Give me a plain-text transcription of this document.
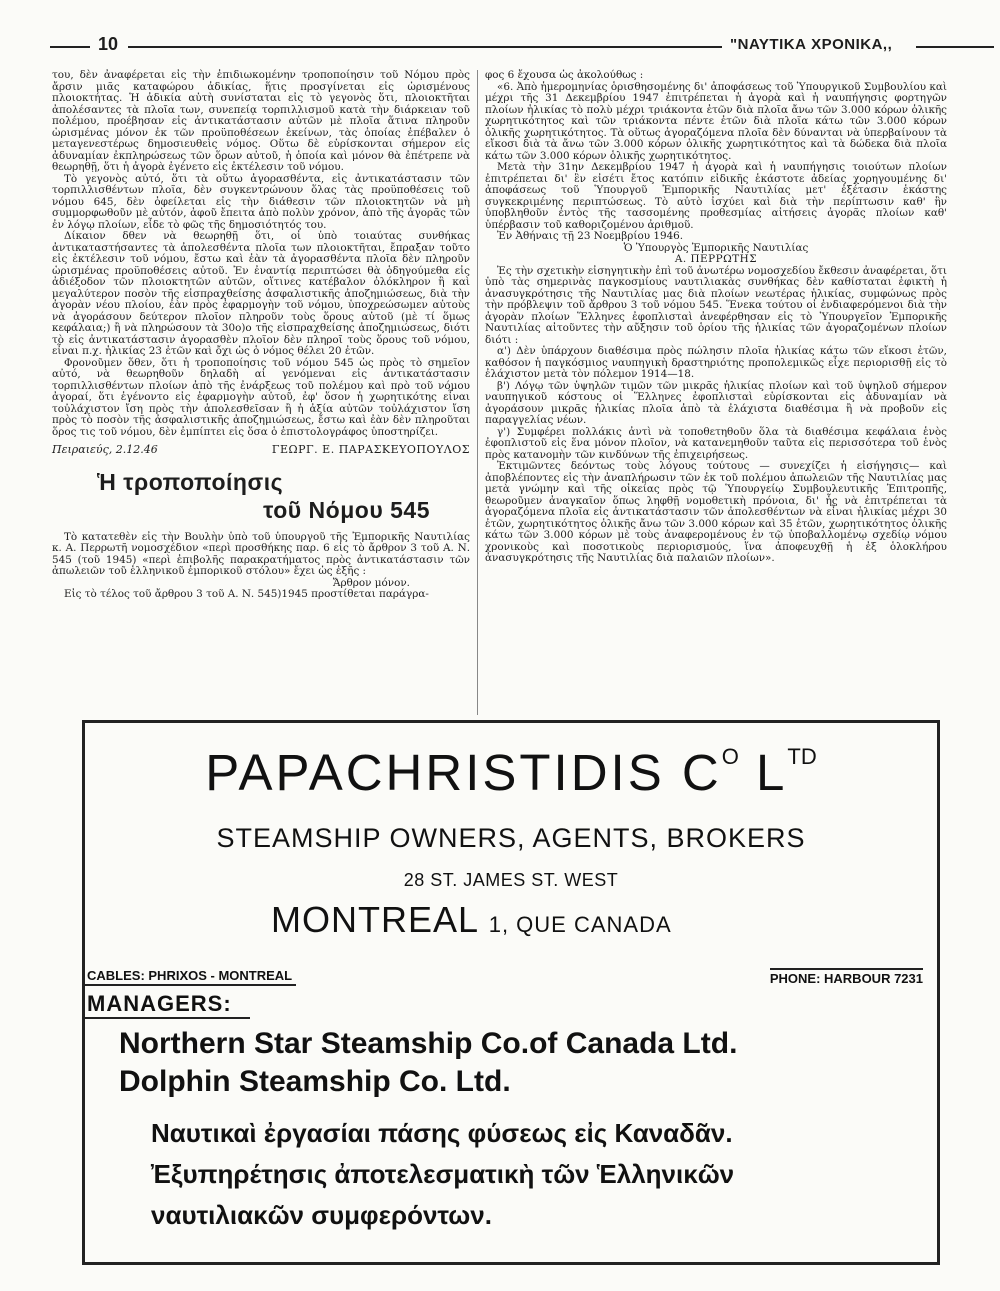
10	"ΝΑΥΤΙΚΑ ΧΡΟΝΙΚΑ,,

του, δὲν ἀναφέρεται εἰς τὴν ἐπιδιωκομένην τροποποίησιν τοῦ Νόμου πρὸς ἄρσιν μιᾶς καταφώρου ἀδικίας, ἥτις προσγίνεται εἰς ὡρισμένους πλοιοκτήτας. Ἡ ἀδικία αὐτὴ συνίσταται εἰς τὸ γεγονὸς ὅτι, πλοιοκτῆται ἀπολέσαντες τὰ πλοῖα των, συνεπείᾳ τορπιλλισμοῦ κατὰ τὴν διάρκειαν τοῦ πολέμου, προέβησαν εἰς ἀντικατάστασιν αὐτῶν μὲ πλοῖα ἅτινα πληροῦν ὡρισμένας μόνον ἐκ τῶν προϋποθέσεων ἐκείνων, τὰς ὁποίας ἐπέβαλεν ὁ μεταγενεστέρως δημοσιευθεὶς νόμος. Οὕτω δὲ εὑρίσκονται σήμερον εἰς ἀδυναμίαν ἐκπληρώσεως τῶν ὅρων αὐτοῦ, ἡ ὁποία καὶ μόνον θὰ ἐπέτρεπε νὰ θεωρηθῇ, ὅτι ἡ ἀγορὰ ἐγένετο εἰς ἐκτέλεσιν τοῦ νόμου.

Τὸ γεγονὸς αὐτό, ὅτι τὰ οὕτω ἀγορασθέντα, εἰς ἀντικατάστασιν τῶν τορπιλλισθέντων πλοῖα, δὲν συγκεντρώνουν ὅλας τὰς προϋποθέσεις τοῦ νόμου 645, δὲν ὀφείλεται εἰς τὴν διάθεσιν τῶν πλοιοκτητῶν νὰ μὴ συμμορφωθοῦν μὲ αὐτόν, ἀφοῦ ἔπειτα ἀπὸ πολὺν χρόνον, ἀπὸ τῆς ἀγορᾶς τῶν ἐν λόγῳ πλοίων, εἶδε τὸ φῶς τῆς δημοσιότητός του.

Δίκαιον δθεν νὰ θεωρηθῇ ὅτι, οἱ ὑπὸ τοιαύτας συνθήκας ἀντικαταστήσαντες τὰ ἀπολεσθέντα πλοῖα των πλοιοκτῆται, ἔπραξαν τοῦτο εἰς ἐκτέλεσιν τοῦ νόμου, ἔστω καὶ ἐὰν τὰ ἀγορασθέντα πλοῖα δὲν πληροῦν ὡρισμένας προϋποθέσεις αὐτοῦ. Ἐν ἐναντίᾳ περιπτώσει θὰ ὁδηγούμεθα εἰς ἀδιέξοδον τῶν πλοιοκτητῶν αὐτῶν, οἵτινες κατέβαλον ὁλόκληρον ἢ καὶ μεγαλύτερον ποσὸν τῆς εἰσπραχθείσης ἀσφαλιστικῆς ἀποζημιώσεως, διὰ τὴν ἀγορὰν νέου πλοίου, ἐὰν πρὸς ἐφαρμογὴν τοῦ νόμου, ὑποχρεώσωμεν αὐτοὺς νὰ ἀγοράσουν δεύτερον πλοῖον πληροῦν τοὺς ὅρους αὐτοῦ (μὲ τί ὅμως κεφάλαια;) ἢ νὰ πληρώσουν τὰ 30ο)ο τῆς εἰσπραχθείσης ἀποζημιώσεως, διότι τὸ εἰς ἀντικατάστασιν ἀγορασθὲν πλοῖον δὲν πληροῖ τοὺς ὅρους τοῦ νόμου, εἶναι π.χ. ἡλικίας 23 ἐτῶν καὶ ὄχι ὡς ὁ νόμος θέλει 20 ἐτῶν.

Φρονοῦμεν ὅθεν, ὅτι ἡ τροποποίησις τοῦ νόμου 545 ὡς πρὸς τὸ σημεῖον αὐτό, νὰ θεωρηθοῦν δηλαδὴ αἱ γενόμεναι εἰς ἀντικατάστασιν τορπιλλισθέντων πλοίων ἀπὸ τῆς ἐνάρξεως τοῦ πολέμου καὶ πρὸ τοῦ νόμου ἀγοραί, ὅτι ἐγένοντο εἰς ἐφαρμογὴν αὐτοῦ, ἐφ' ὅσον ἡ χωρητικότης εἶναι τοὐλάχιστον ἴση πρὸς τὴν ἀπολεσθεῖσαν ἢ ἡ ἀξία αὐτῶν τοὐλάχιστον ἴση πρὸς τὸ ποσὸν τῆς ἀσφαλιστικῆς ἀποζημιώσεως, ἔστω καὶ ἐὰν δὲν πληροῦται ὅρος τις τοῦ νόμου, δὲν ἐμπίπτει εἰς ὅσα ὁ ἐπιστολογράφος ὑποστηρίζει.

Πειραιεύς, 2.12.46	ΓΕΩΡΓ. Ε. ΠΑΡΑΣΚΕΥΟΠΟΥΛΟΣ
Ἡ τροποποίησις
τοῦ Νόμου 545

Τὸ κατατεθὲν εἰς τὴν Βουλὴν ὑπὸ τοῦ ὑπουργοῦ τῆς Ἐμπορικῆς Ναυτιλίας κ. Α. Περρωτῆ νομοσχέδιον «περὶ προσθήκης παρ. 6 εἰς τὸ ἄρθρον 3 τοῦ Α. Ν. 545 (τοῦ 1945) «περὶ ἐπιβολῆς παρακρατήματος πρὸς ἀντικατάστασιν τῶν ἀπωλειῶν τοῦ ἑλληνικοῦ ἐμπορικοῦ στόλου» ἔχει ὡς ἑξῆς :

Ἄρθρον μόνον.

Εἰς τὸ τέλος τοῦ ἄρθρου 3 τοῦ Α. Ν. 545)1945 προστίθεται παράγρα-

φος 6 ἔχουσα ὡς ἀκολούθως :

«6. Ἀπὸ ἡμερομηνίας ὁρισθησομένης δι' ἀποφάσεως τοῦ Ὑπουργικοῦ Συμβουλίου καὶ μέχρι τῆς 31 Δεκεμβρίου 1947 ἐπιτρέπεται ἡ ἀγορὰ καὶ ἡ ναυπήγησις φορτηγῶν πλοίων ἡλικίας τὸ πολὺ μέχρι τριάκοντα ἐτῶν διὰ πλοῖα ἄνω τῶν 3.000 κόρων ὁλικῆς χωρητικότητος καὶ τῶν τριάκοντα πέντε ἐτῶν διὰ πλοῖα κάτω τῶν 3.000 κόρων ὁλικῆς χωρητικότητος. Τὰ οὕτως ἀγοραζόμενα πλοῖα δὲν δύνανται νὰ ὑπερβαίνουν τὰ εἴκοσι διὰ τὰ ἄνω τῶν 3.000 κόρων ὁλικῆς χωρητικότητος καὶ τὰ δώδεκα διὰ πλοῖα κάτω τῶν 3.000 κόρων ὁλικῆς χωρητικότητος.

Μετὰ τὴν 31ην Δεκεμβρίου 1947 ἡ ἀγορὰ καὶ ἡ ναυπήγησις τοιούτων πλοίων ἐπιτρέπεται δι' ἓν εἰσέτι ἔτος κατόπιν εἰδικῆς ἑκάστοτε ἀδείας χορηγουμένης δι' ἀποφάσεως τοῦ Ὑπουργοῦ Ἐμπορικῆς Ναυτιλίας μετ' ἐξέτασιν ἑκάστης συγκεκριμένης περιπτώσεως. Τὸ αὐτὸ ἰσχύει καὶ διὰ τὴν περίπτωσιν καθ' ἣν ὑποβληθοῦν ἐντὸς τῆς τασσομένης προθεσμίας αἰτήσεις ἀγορᾶς πλοίων καθ' ὑπέρβασιν τοῦ καθοριζομένου ἀριθμοῦ.

Ἐν Ἀθήναις τῇ 23 Νοεμβρίου 1946.

Ὁ Ὑπουργὸς Ἐμπορικῆς Ναυτιλίας

Α. ΠΕΡΡΩΤΗΣ

Ἐς τὴν σχετικὴν εἰσηγητικὴν ἐπὶ τοῦ ἀνωτέρω νομοσχεδίου ἔκθεσιν ἀναφέρεται, ὅτι ὑπὸ τὰς σημερινὰς παγκοσμίους ναυτιλιακὰς συνθήκας δὲν καθίσταται ἐφικτὴ ἡ ἀνασυγκρότησις τῆς Ναυτιλίας μας διὰ πλοίων νεωτέρας ἡλικίας, συμφώνως πρὸς τὴν πρόβλεψιν τοῦ ἄρθρου 3 τοῦ νόμου 545. Ἕνεκα τούτου οἱ ἐνδιαφερόμενοι διὰ τὴν ἀγορὰν πλοίων Ἕλληνες ἐφοπλισταὶ ἀνεφέρθησαν εἰς τὸ Ὑπουργεῖον Ἐμπορικῆς Ναυτιλίας αἰτοῦντες τὴν αὔξησιν τοῦ ὁρίου τῆς ἡλικίας τῶν ἀγοραζομένων πλοίων διότι :

α') Δὲν ὑπάρχουν διαθέσιμα πρὸς πώλησιν πλοῖα ἡλικίας κάτω τῶν εἴκοσι ἐτῶν, καθόσον ἡ παγκόσμιος ναυπηγικὴ δραστηριότης προπολεμικῶς εἶχε περιορισθῇ εἰς τὸ ἐλάχιστον μετὰ τὸν πόλεμον 1914—18.

β') Λόγῳ τῶν ὑψηλῶν τιμῶν τῶν μικρᾶς ἡλικίας πλοίων καὶ τοῦ ὑψηλοῦ σήμερον ναυπηγικοῦ κόστους οἱ Ἕλληνες ἐφοπλισταὶ εὑρίσκονται εἰς ἀδυναμίαν νὰ ἀγοράσουν μικρᾶς ἡλικίας πλοῖα ἀπὸ τὰ ἐλάχιστα διαθέσιμα ἢ νὰ προβοῦν εἰς παραγγελίας νέων.

γ') Συμφέρει πολλάκις ἀντὶ νὰ τοποθετηθοῦν ὅλα τὰ διαθέσιμα κεφάλαια ἑνὸς ἐφοπλιστοῦ εἰς ἕνα μόνον πλοῖον, νὰ κατανεμηθοῦν ταῦτα εἰς περισσότερα τοῦ ἑνὸς πρὸς κατανομὴν τῶν κινδύνων τῆς ἐπιχειρήσεως.

Ἐκτιμῶντες δεόντως τοὺς λόγους τούτους — συνεχίζει ἡ εἰσήγησις— καὶ ἀποβλέποντες εἰς τὴν ἀναπλήρωσιν τῶν ἐκ τοῦ πολέμου ἀπωλειῶν τῆς Ναυτιλίας μας μετὰ γνώμην καὶ τῆς οἰκείας πρὸς τῷ Ὑπουργείῳ Συμβουλευτικῆς Ἐπιτροπῆς, θεωροῦμεν ἀναγκαῖον ὅπως ληφθῇ νομοθετικὴ πρόνοια, δι' ἧς νὰ ἐπιτρέπεται τὰ ἀγοραζόμενα πλοῖα εἰς ἀντικατάστασιν τῶν ἀπολεσθέντων νὰ εἶναι ἡλικίας μέχρι 30 ἐτῶν, χωρητικότητος ὁλικῆς ἄνω τῶν 3.000 κόρων καὶ 35 ἐτῶν, χωρητικότητος ὁλικῆς κάτω τῶν 3.000 κόρων μὲ τοὺς ἀναφερομένους ἐν τῷ ὑποβαλλομένῳ σχεδίῳ νόμου χρονικοὺς καὶ ποσοτικοὺς περιορισμούς, ἵνα ἀποφευχθῇ ἡ ἐξ ὁλοκλήρου ἀνασυγκρότησις τῆς Ναυτιλίας διὰ παλαιῶν πλοίων».

PAPACHRISTIDIS $C^O$ $L^{TD}$
STEAMSHIP OWNERS, AGENTS, BROKERS
28 ST. JAMES ST. WEST
MONTREAL 1, QUE CANADA
CABLES: PHRIXOS - MONTREAL	PHONE: HARBOUR 7231
MANAGERS:
Northern Star Steamship Co.of Canada Ltd.
Dolphin Steamship Co. Ltd.
Ναυτικαὶ ἐργασίαι πάσης φύσεως εἰς Καναδᾶν.
Ἐξυπηρέτησις ἀποτελεσματικὴ τῶν Ἑλληνικῶν
ναυτιλιακῶν συμφερόντων.
